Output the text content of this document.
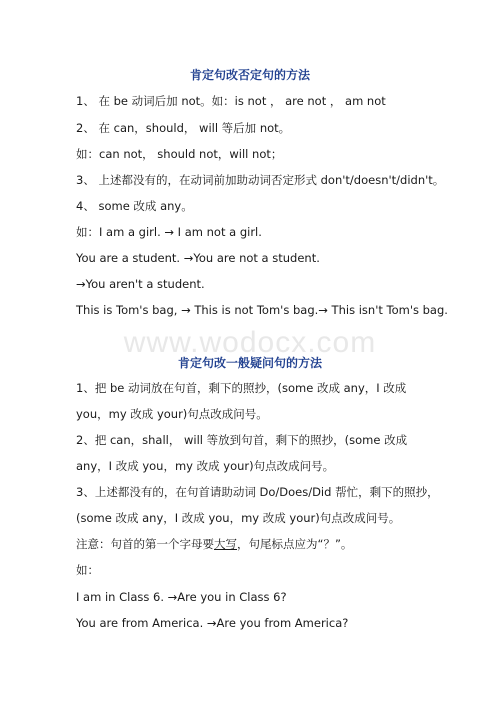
www.wodocx.com
肯定句改否定句的方法
1、 在 be 动词后加 not。如：is not ， are not ， am not
2、 在 can，should， will 等后加 not。
如：can not， should not，will not；
3、 上述都没有的，在动词前加助动词否定形式 don't/doesn't/didn't。
4、 some 改成 any。
如：I am a girl. → I am not a girl.
You are a student. →You are not a student.
→You aren't a student.
This is Tom's bag, → This is not Tom's bag.→ This isn't Tom's bag.
肯定句改一般疑问句的方法
1、把 be 动词放在句首，剩下的照抄，(some 改成 any，I 改成
you，my 改成 your)句点改成问号。
2、把 can，shall， will 等放到句首，剩下的照抄，(some 改成
any，I 改成 you，my 改成 your)句点改成问号。
3、上述都没有的，在句首请助动词 Do/Does/Did 帮忙，剩下的照抄，
(some 改成 any，I 改成 you，my 改成 your)句点改成问号。
注意：句首的第一个字母要大写，句尾标点应为“？”。
如：
I am in Class 6. →Are you in Class 6?
You are from America. →Are you from America?
